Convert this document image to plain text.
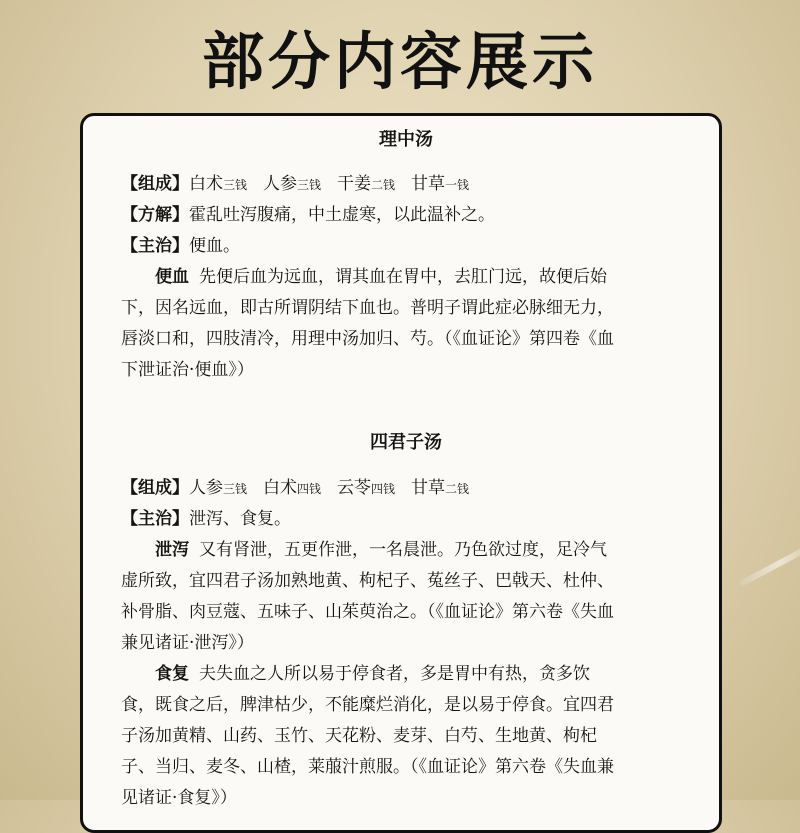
部分内容展示
理中汤
【组成】白术三钱 人参三钱 干姜二钱 甘草一钱
【方解】霍乱吐泻腹痛，中土虚寒，以此温补之。
【主治】便血。
便血 先便后血为远血，谓其血在胃中，去肛门远，故便后始
下，因名远血，即古所谓阴结下血也。普明子谓此症必脉细无力，
唇淡口和，四肢清冷，用理中汤加归、芍。（《血证论》第四卷《血
下泄证治·便血》）
四君子汤
【组成】人参三钱 白术四钱 云苓四钱 甘草二钱
【主治】泄泻、食复。
泄泻 又有肾泄，五更作泄，一名晨泄。乃色欲过度，足冷气
虚所致，宜四君子汤加熟地黄、枸杞子、菟丝子、巴戟天、杜仲、
补骨脂、肉豆蔻、五味子、山茱萸治之。（《血证论》第六卷《失血
兼见诸证·泄泻》）
食复 夫失血之人所以易于停食者，多是胃中有热，贪多饮
食，既食之后，脾津枯少，不能糜烂消化，是以易于停食。宜四君
子汤加黄精、山药、玉竹、天花粉、麦芽、白芍、生地黄、枸杞
子、当归、麦冬、山楂，莱菔汁煎服。（《血证论》第六卷《失血兼
见诸证·食复》）
